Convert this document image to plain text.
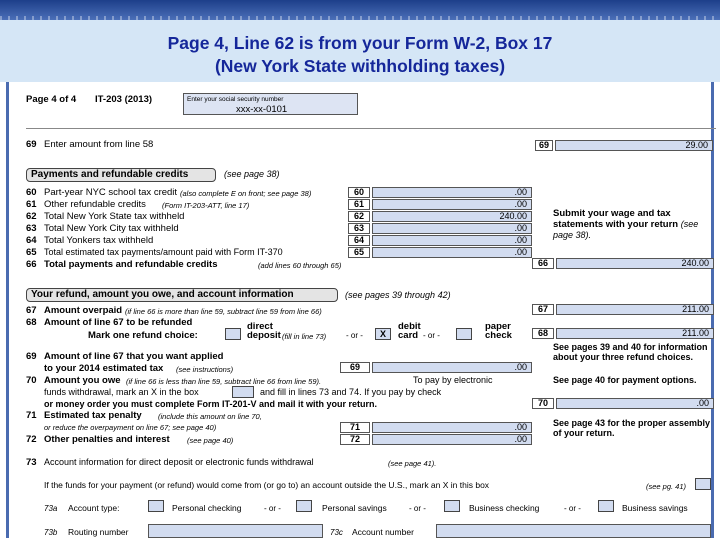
Page 4, Line 62 is from your Form W-2, Box 17
(New York State withholding taxes)
Page 4 of 4 IT-203 (2013)	Enter your social security number
xxx-xx-0101
69 Enter amount from line 58	69	29.00
Payments and refundable credits	(see page 38)
60 Part-year NYC school tax credit (also complete E on front; see page 38)	60	.00
61 Other refundable credits (Form IT-203-ATT, line 17)	61	.00
62 Total New York State tax withheld	62	240.00
63 Total New York City tax withheld	63	.00
64 Total Yonkers tax withheld	64	.00
65 Total estimated tax payments/amount paid with Form IT-370	65	.00
66 Total payments and refundable credits	(add lines 60 through 65)	66	240.00
Submit your wage and tax statements with your return (see page 38).
Your refund, amount you owe, and account information	(see pages 39 through 42)
67 Amount overpaid (if line 66 is more than line 59, subtract line 59 from line 66)	67	211.00
68 Amount of line 67 to be refunded
Mark one refund choice:
direct
deposit (fill in line 73) - or -	X
debit
card - or -
paper
check	68	211.00
See pages 39 and 40 for information about your three refund choices.
69 Amount of line 67 that you want applied
to your 2014 estimated tax (see instructions)	69	.00
70 Amount you owe (if line 66 is less than line 59, subtract line 66 from line 59).	To pay by electronic
funds withdrawal, mark an X in the box	and fill in lines 73 and 74. If you pay by check
or money order you must complete Form IT-201-V and mail it with your return.	70	.00
See page 40 for payment options.
71 Estimated tax penalty (include this amount on line 70,
or reduce the overpayment on line 67; see page 40)	71	.00
72 Other penalties and interest (see page 40)	72	.00
See page 43 for the proper assembly of your return.
73 Account information for direct deposit or electronic funds withdrawal	(see page 41).
If the funds for your payment (or refund) would come from (or go to) an account outside the U.S., mark an X in this box	(see pg. 41)
73a Account type:	Personal checking	- or -	Personal savings	- or -	Business checking	- or -	Business savings
73b Routing number	73c Account number
